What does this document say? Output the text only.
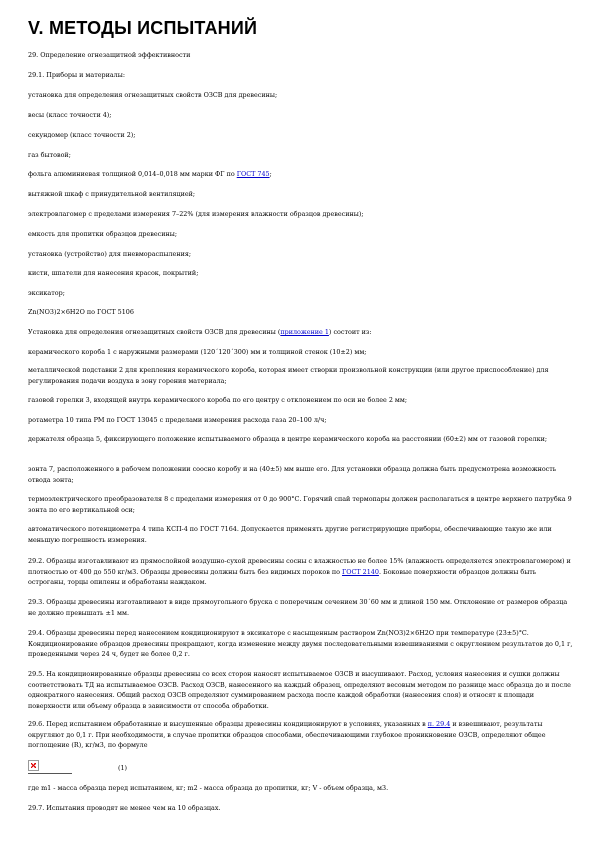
V. МЕТОДЫ ИСПЫТАНИЙ

29. Определение огнезащитной эффективности

29.1. Приборы и материалы:

установка для определения огнезащитных свойств ОЗСВ для древесины;

весы (класс точности 4);

секундомер (класс точности 2);

газ бытовой;

фольга алюминиевая толщиной 0,014–0,018 мм марки ФГ по ГОСТ 745;

вытяжной шкаф с принудительной вентиляцией;

электровлагомер с пределами измерения 7–22% (для измерения влажности образцов древесины);

емкость для пропитки образцов древесины;

установка (устройство) для пневмораспыления;

кисти, шпатели для нанесения красок, покрытий;

эксикатор;

Zn(NO3)2×6H2O по ГОСТ 5106

Установка для определения огнезащитных свойств ОЗСВ для древесины (приложение 1) состоит из:

керамического короба 1 с наружными размерами (120´120´300) мм и толщиной стенок (10±2) мм;

металлической подставки 2 для крепления керамического короба, которая имеет створки произвольной конструкции (или другое приспособление) для регулирования подачи воздуха в зону горения материала;

газовой горелки 3, входящей внутрь керамического короба по его центру с отклонением по оси не более 2 мм;

ротаметра 10 типа РМ по ГОСТ 13045 с пределами измерения расхода газа 20–100 л/ч;

держателя образца 5, фиксирующего положение испытываемого образца в центре керамического короба на расстоянии (60±2) мм от газовой горелки;

зонта 7, расположенного в рабочем положении соосно коробу и на (40±5) мм выше его. Для установки образца должна быть предусмотрена возможность отвода зонта;

термоэлектрического преобразователя 8 с пределами измерения от 0 до 900°С. Горячий спай термопары должен располагаться в центре верхнего патрубка 9 зонта по его вертикальной оси;

автоматического потенциометра 4 типа КСП-4 по ГОСТ 7164. Допускается применять другие регистрирующие приборы, обеспечивающие такую же или меньшую погрешность измерения.

29.2. Образцы изготавливают из прямослойной воздушно-сухой древесины сосны с влажностью не более 15% (влажность определяется электровлагомером) и плотностью от 400 до 550 кг/м3. Образцы древесины должны быть без видимых пороков по ГОСТ 2140. Боковые поверхности образцов должны быть остроганы, торцы опилены и обработаны наждаком.

29.3. Образцы древесины изготавливают в виде прямоугольного бруска с поперечным сечением 30´60 мм и длиной 150 мм. Отклонение от размеров образца не должно превышать ±1 мм.

29.4. Образцы древесины перед нанесением кондиционируют в эксикаторе с насыщенным раствором Zn(NO3)2×6H2O при температуре (23±5)°С. Кондиционирование образцов древесины прекращают, когда изменение между двумя последовательными взвешиваниями с округлением результатов до 0,1 г, проведенными через 24 ч, будет не более 0,2 г.

29.5. На кондиционированные образцы древесины со всех сторон наносят испытываемое ОЗСВ и высушивают. Расход, условия нанесения и сушки должны соответствовать ТД на испытываемое ОЗСВ. Расход ОЗСВ, нанесенного на каждый образец, определяют весовым методом по разнице масс образца до и после однократного нанесения. Общий расход ОЗСВ определяют суммированием расхода после каждой обработки (нанесения слоя) и относят к площади поверхности или объему образца в зависимости от способа обработки.

29.6. Перед испытанием обработанные и высушенные образцы древесины кондиционируют в условиях, указанных в п. 29.4 и взвешивают, результаты округляют до 0,1 г. При необходимости, в случае пропитки образцов способами, обеспечивающими глубокое проникновение ОЗСВ, определяют общее поглощение (R), кг/м3, по формуле

(1)

где m1 - масса образца перед испытанием, кг; m2 - масса образца до пропитки, кг; V - объем образца, м3.

29.7. Испытания проводят не менее чем на 10 образцах.
